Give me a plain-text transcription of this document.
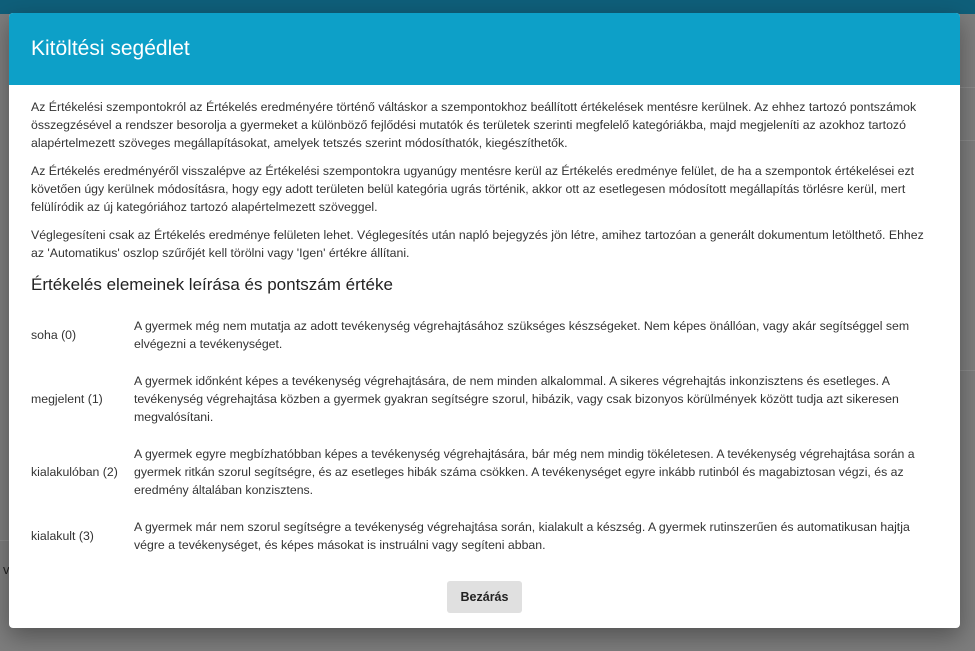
v
Kitöltési segédlet

Az Értékelési szempontokról az Értékelés eredményére történő váltáskor a szempontokhoz beállított értékelések mentésre kerülnek. Az ehhez tartozó pontszámok összegzésével a rendszer besorolja a gyermeket a különböző fejlődési mutatók és területek szerinti megfelelő kategóriákba, majd megjeleníti az azokhoz tartozó alapértelmezett szöveges megállapításokat, amelyek tetszés szerint módosíthatók, kiegészíthetők.

Az Értékelés eredményéről visszalépve az Értékelési szempontokra ugyanúgy mentésre kerül az Értékelés eredménye felület, de ha a szempontok értékelései ezt követően úgy kerülnek módosításra, hogy egy adott területen belül kategória ugrás történik, akkor ott az esetlegesen módosított megállapítás törlésre kerül, mert felülíródik az új kategóriához tartozó alapértelmezett szöveggel.

Véglegesíteni csak az Értékelés eredménye felületen lehet. Véglegesítés után napló bejegyzés jön létre, amihez tartozóan a generált dokumentum letölthető. Ehhez az 'Automatikus' oszlop szűrőjét kell törölni vagy 'Igen' értékre állítani.

Értékelés elemeinek leírása és pontszám értéke
soha (0)	A gyermek még nem mutatja az adott tevékenység végrehajtásához szükséges készségeket. Nem képes önállóan, vagy akár segítséggel sem elvégezni a tevékenységet.
megjelent (1)	A gyermek időnként képes a tevékenység végrehajtására, de nem minden alkalommal. A sikeres végrehajtás inkonzisztens és esetleges. A tevékenység végrehajtása közben a gyermek gyakran segítségre szorul, hibázik, vagy csak bizonyos körülmények között tudja azt sikeresen megvalósítani.
kialakulóban (2)	A gyermek egyre megbízhatóbban képes a tevékenység végrehajtására, bár még nem mindig tökéletesen. A tevékenység végrehajtása során a gyermek ritkán szorul segítségre, és az esetleges hibák száma csökken. A tevékenységet egyre inkább rutinból és magabiztosan végzi, és az eredmény általában konzisztens.
kialakult (3)	A gyermek már nem szorul segítségre a tevékenység végrehajtása során, kialakult a készség. A gyermek rutinszerűen és automatikusan hajtja végre a tevékenységet, és képes másokat is instruálni vagy segíteni abban.
Bezárás
